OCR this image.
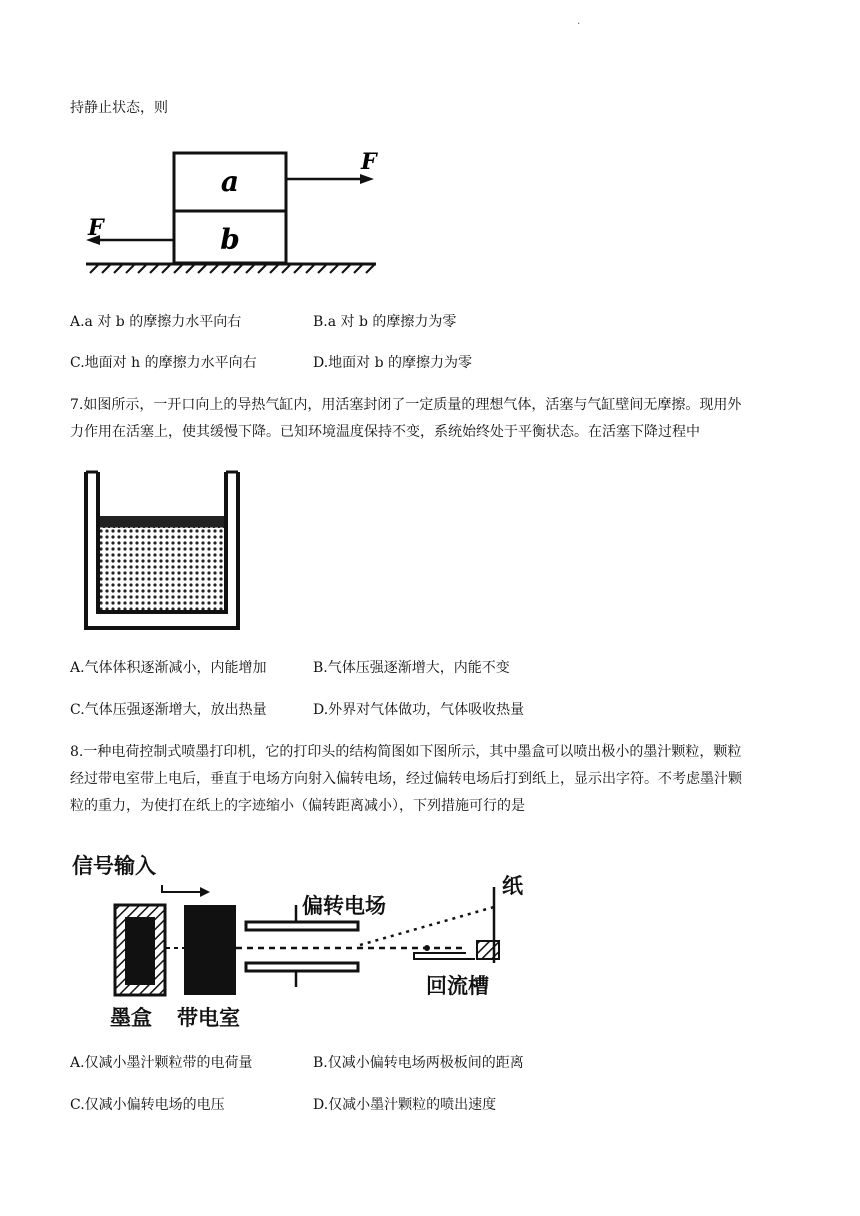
.
持静止状态，则
a
b
F
F
A.a 对 b 的摩擦力水平向右	B.a 对 b 的摩擦力为零
C.地面对 h 的摩擦力水平向右	D.地面对 b 的摩擦力为零
7.如图所示，一开口向上的导热气缸内，用活塞封闭了一定质量的理想气体，活塞与气缸壁间无摩擦。现用外
力作用在活塞上，使其缓慢下降。已知环境温度保持不变，系统始终处于平衡状态。在活塞下降过程中
A.气体体积逐渐减小，内能增加	B.气体压强逐渐增大，内能不变
C.气体压强逐渐增大，放出热量	D.外界对气体做功，气体吸收热量
8.一种电荷控制式喷墨打印机，它的打印头的结构简图如下图所示，其中墨盒可以喷出极小的墨汁颗粒，颗粒
经过带电室带上电后，垂直于电场方向射入偏转电场，经过偏转电场后打到纸上，显示出字符。不考虑墨汁颗
粒的重力，为使打在纸上的字迹缩小（偏转距离减小），下列措施可行的是
信号输入
偏转电场
纸
回流槽
墨盒 带电室
A.仅减小墨汁颗粒带的电荷量	B.仅减小偏转电场两极板间的距离
C.仅减小偏转电场的电压	D.仅减小墨汁颗粒的喷出速度
